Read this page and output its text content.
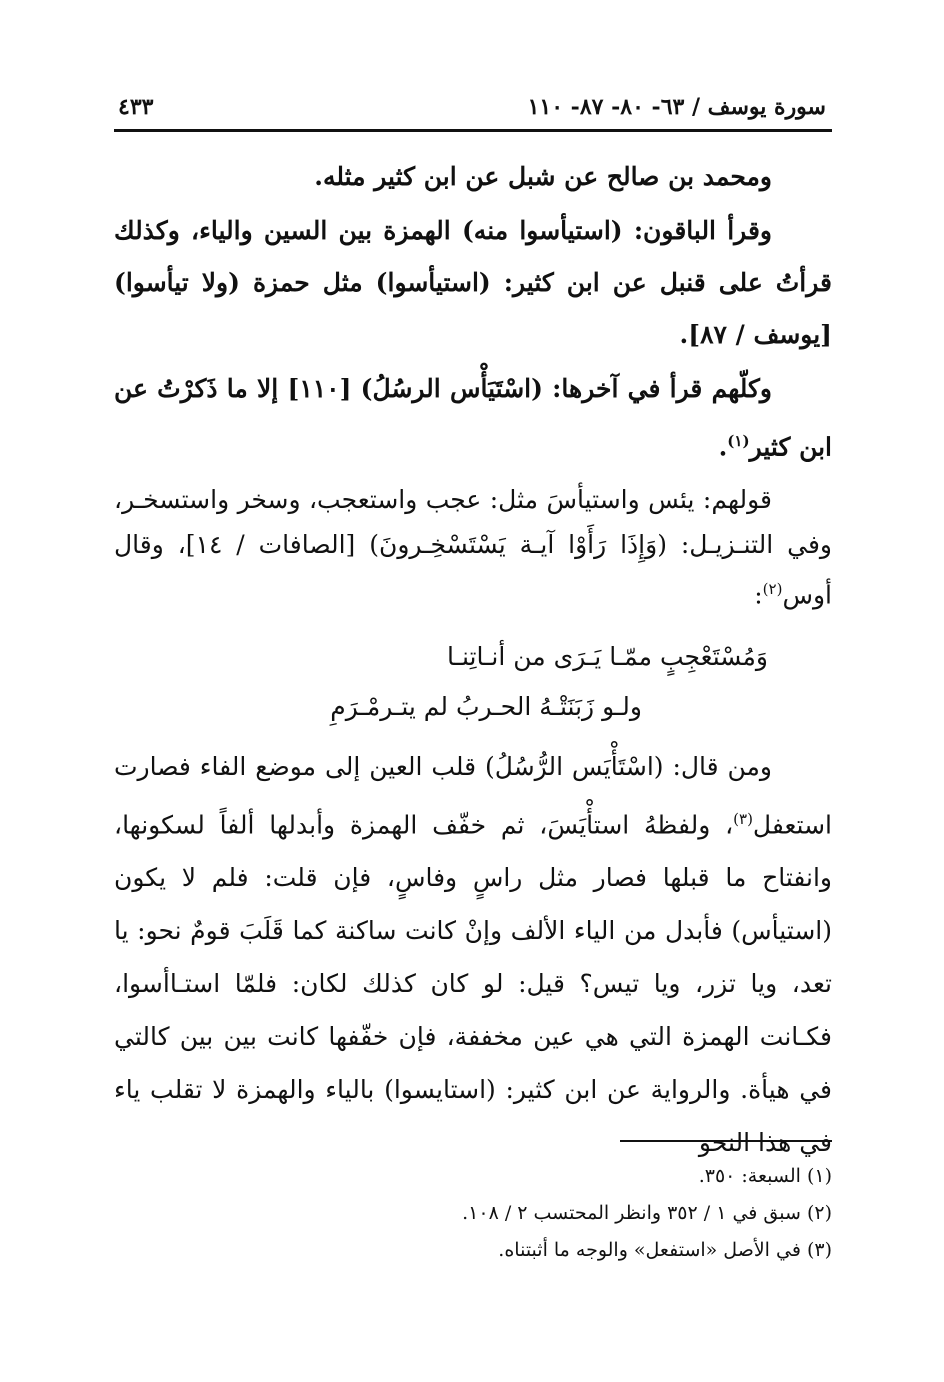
٤٣٣	سورة يوسف / ٦٣- ٨٠- ٨٧- ١١٠

ومحمد بن صالح عن شبل عن ابن كثير مثله.

وقرأ الباقون: (استيأسوا منه) الهمزة بين السين والياء، وكذلك قرأتُ على قنبل عن ابن كثير: (استيأسوا) مثل حمزة (ولا تيأسوا) [يوسف / ٨٧].

وكلّهم قرأ في آخرها: (اسْتَيَأْس الرسُلُ) [١١٠] إلا ما ذَكرْتُ عن ابن كثير$^{(١)}$.

قولهم: يئس واستيأسَ مثل: عجب واستعجب، وسخر واستسخـر، وفي التنـزيـل: (وَإِذَا رَأَوْا آيـة يَسْتَسْخِـرونَ) [الصافات / ١٤]، وقال أوس$^{(٢)}$:

وَمُسْتَعْجِبٍ ممّـا يَـرَى من أنـاتِنـا
ولـو زَبَنَتْـهُ الحـربُ لم يتـرمْـرَمِ

ومن قال: (اسْتَأْيَس الرُّسُلُ) قلب العين إلى موضع الفاء فصارت استعفل$^{(٣)}$، ولفظهُ استأْيَسَ، ثم خفّف الهمزة وأبدلها ألفاً لسكونها، وانفتاح ما قبلها فصار مثل راسٍ وفاسٍ، فإن قلت: فلم لا يكون (استيأس) فأبدل من الياء الألف وإنْ كانت ساكنة كما قَلَبَ قومٌ نحو: يا تعد، ويا تزر، ويا تيس؟ قيل: لو كان كذلك لكان: فلمّا استـاأسوا، فكـانت الهمزة التي هي عين مخففة، فإن خفّفها كانت بين بين كالتي في هيأة. والرواية عن ابن كثير: (استايسوا) بالياء والهمزة لا تقلب ياء في هذا النحو

(١) السبعة: ٣٥٠.
(٢) سبق في ١ / ٣٥٢ وانظر المحتسب ٢ / ١٠٨.
(٣) في الأصل «استفعل» والوجه ما أثبتناه.
